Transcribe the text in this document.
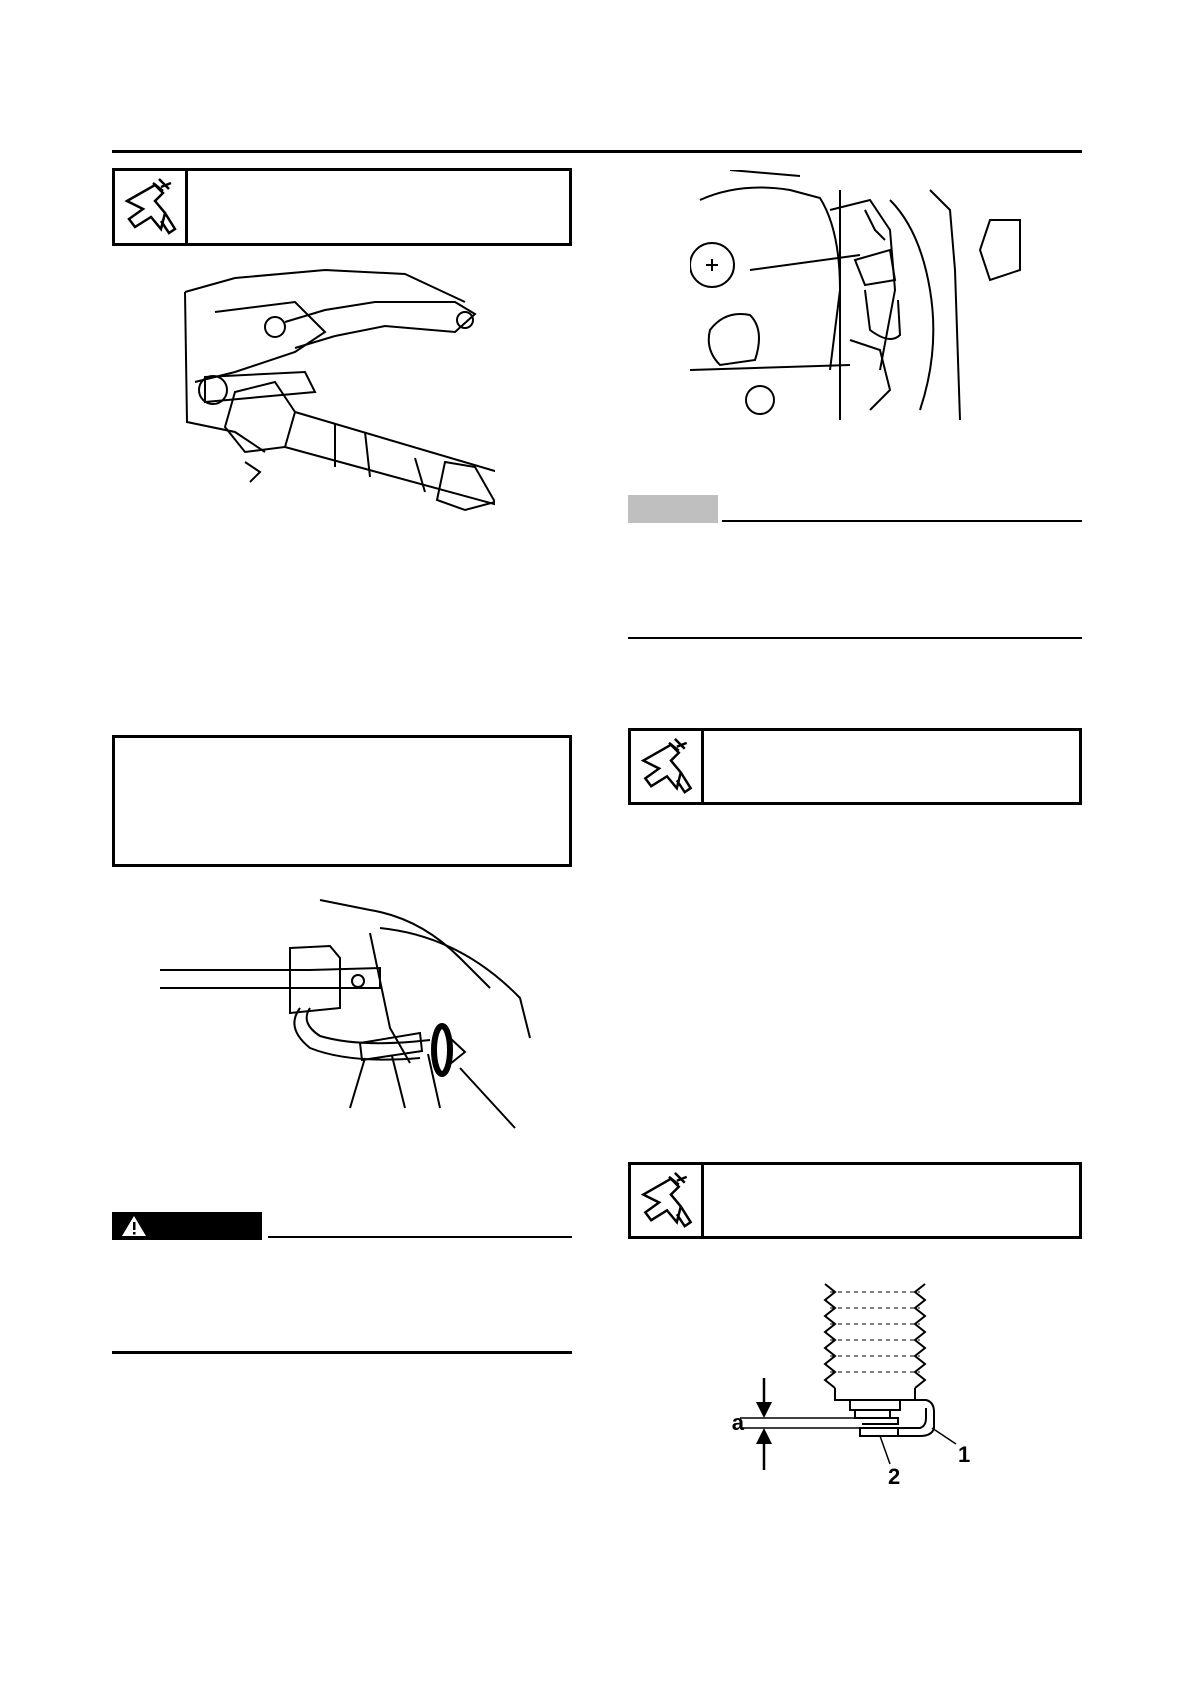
a
1
2
